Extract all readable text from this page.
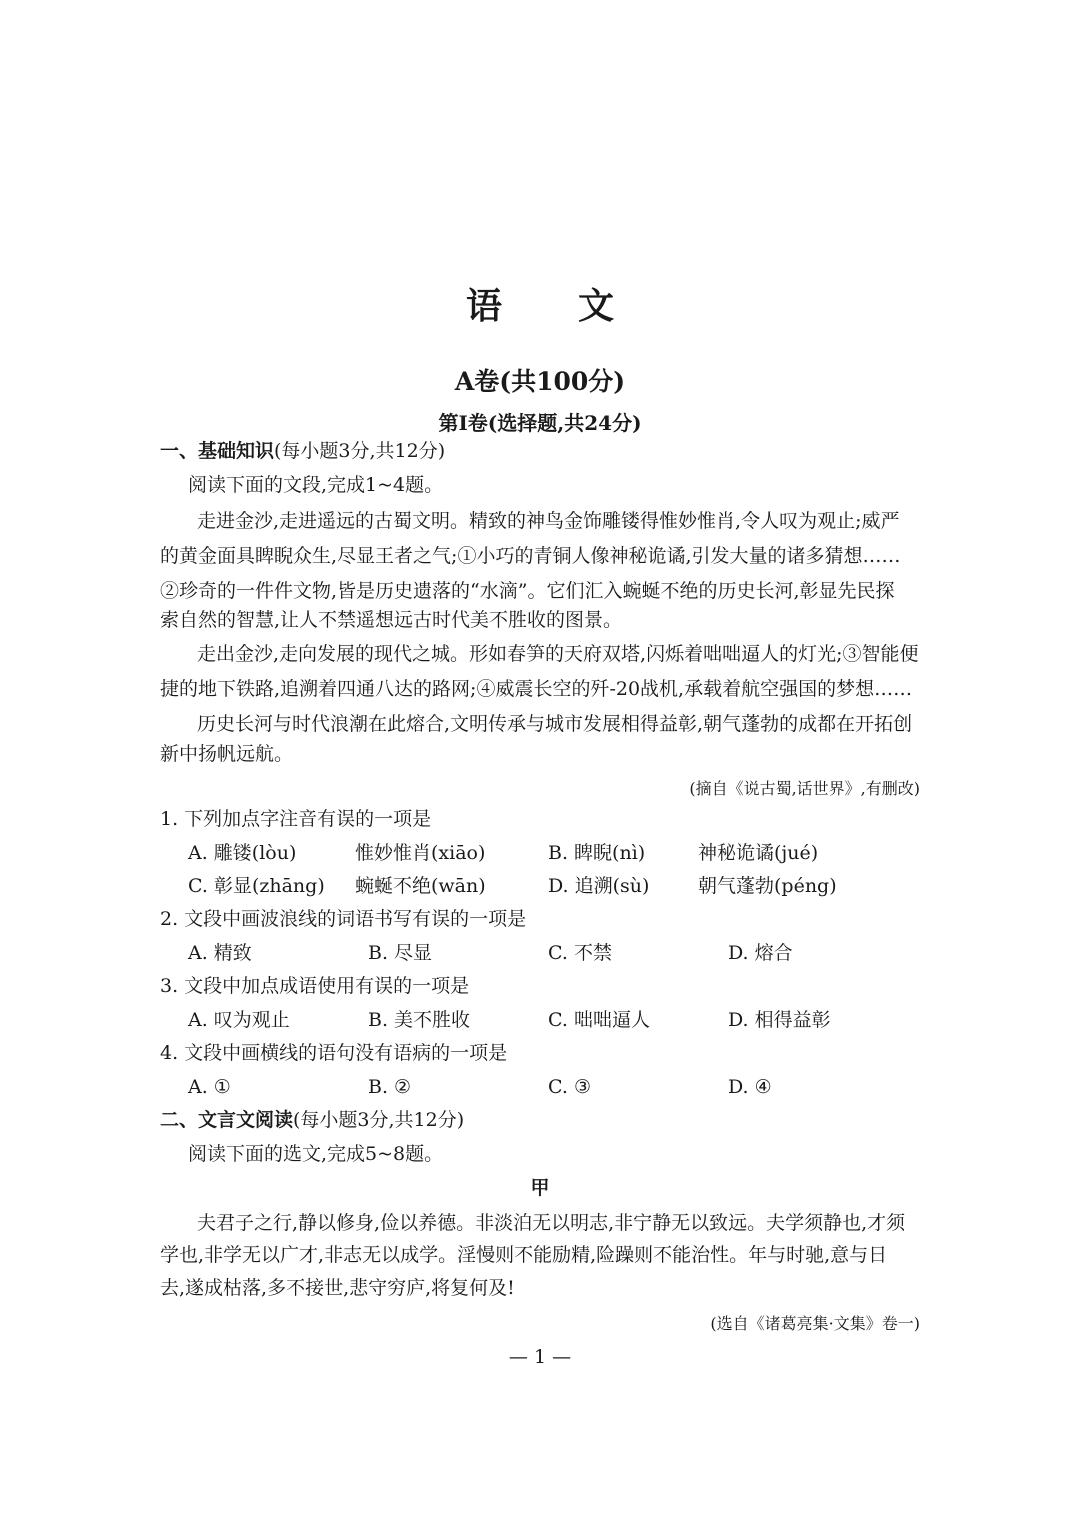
语文
A卷(共100分)
第Ⅰ卷(选择题,共24分)
一、基础知识(每小题3分,共12分)
阅读下面的文段,完成1~4题。
走进金沙,走进遥远的古蜀文明。精致的神鸟金饰雕镂得惟妙惟肖,令人叹为观止;威严
的黄金面具睥睨众生,尽显王者之气;①小巧的青铜人像神秘诡谲,引发大量的诸多猜想……
②珍奇的一件件文物,皆是历史遗落的“水滴”。它们汇入蜿蜒不绝的历史长河,彰显先民探
索自然的智慧,让人不禁遥想远古时代美不胜收的图景。
走出金沙,走向发展的现代之城。形如春笋的天府双塔,闪烁着咄咄逼人的灯光;③智能便
捷的地下铁路,追溯着四通八达的路网;④威震长空的歼-20战机,承载着航空强国的梦想……
历史长河与时代浪潮在此熔合,文明传承与城市发展相得益彰,朝气蓬勃的成都在开拓创
新中扬帆远航。
(摘自《说古蜀,话世界》,有删改)
1. 下列加点字注音有误的一项是
A. 雕镂(lòu)	惟妙惟肖(xiāo)	B. 睥睨(nì)	神秘诡谲(jué)
C. 彰显(zhāng) 蜿蜒不绝(wān)	D. 追溯(sù)	朝气蓬勃(péng)
2. 文段中画波浪线的词语书写有误的一项是
A. 精致	B. 尽显	C. 不禁	D. 熔合
3. 文段中加点成语使用有误的一项是
A. 叹为观止	B. 美不胜收	C. 咄咄逼人	D. 相得益彰
4. 文段中画横线的语句没有语病的一项是
A. ①	B. ②	C. ③	D. ④
二、文言文阅读(每小题3分,共12分)
阅读下面的选文,完成5~8题。
甲
夫君子之行,静以修身,俭以养德。非淡泊无以明志,非宁静无以致远。夫学须静也,才须
学也,非学无以广才,非志无以成学。淫慢则不能励精,险躁则不能治性。年与时驰,意与日
去,遂成枯落,多不接世,悲守穷庐,将复何及!
(选自《诸葛亮集·文集》卷一)
— 1 —
